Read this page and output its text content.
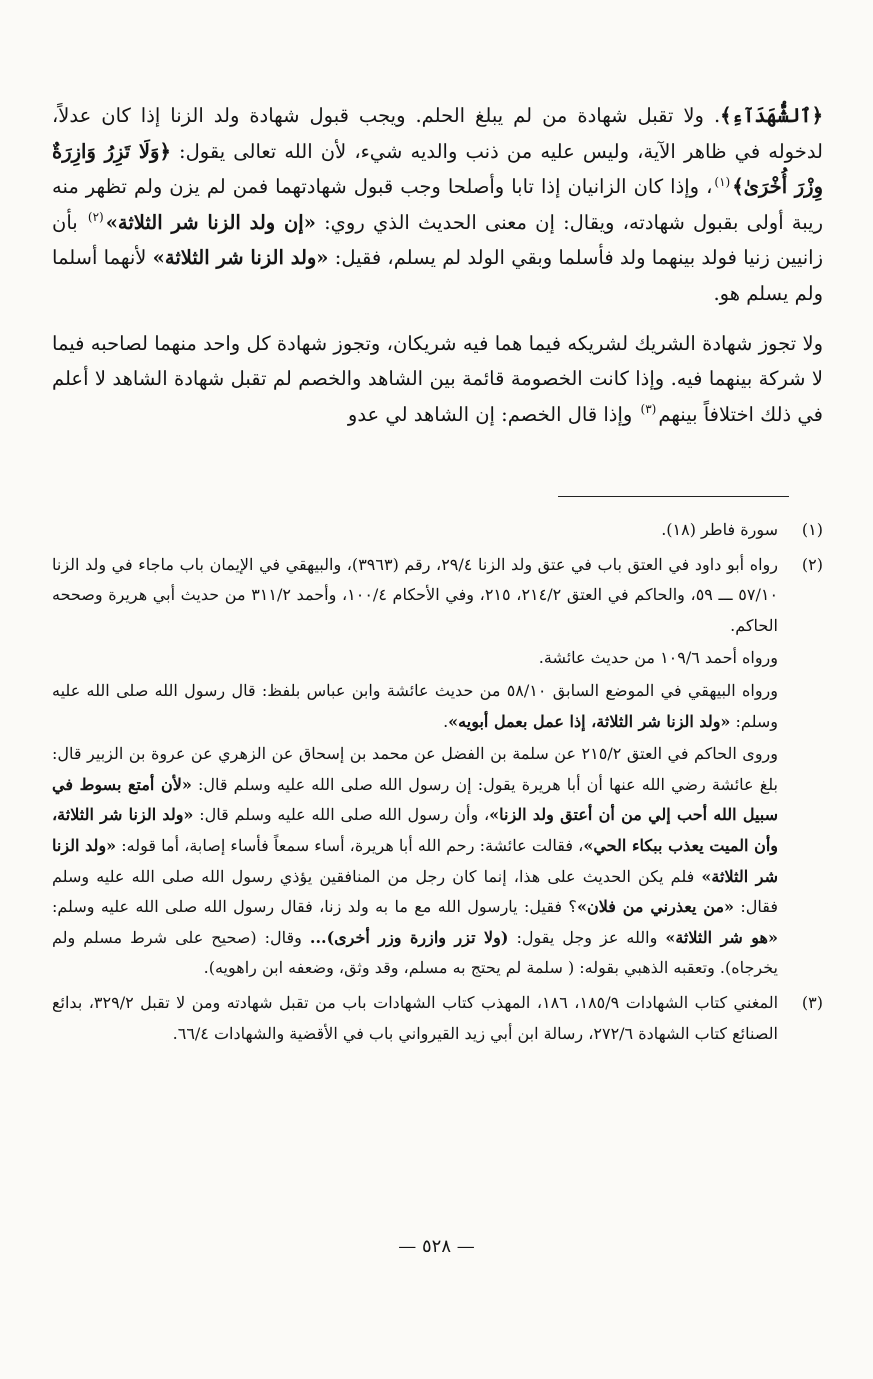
﴿ٱلشُّهَدَآءِ﴾. ولا تقبل شهادة من لم يبلغ الحلم. ويجب قبول شهادة ولد الزنا إذا كان عدلاً، لدخوله في ظاهر الآية، وليس عليه من ذنب والديه شيء، لأن الله تعالى يقول: ﴿وَلَا تَزِرُ وَازِرَةٌ وِزْرَ أُخْرَىٰ﴾$^{(١)}$، وإذا كان الزانيان إذا تابا وأصلحا وجب قبول شهادتهما فمن لم يزن ولم تظهر منه ريبة أولى بقبول شهادته، ويقال: إن معنى الحديث الذي روي: «إن ولد الزنا شر الثلاثة»$^{(٢)}$ بأن زانيين زنيا فولد بينهما ولد فأسلما وبقي الولد لم يسلم، فقيل: «ولد الزنا شر الثلاثة» لأنهما أسلما ولم يسلم هو.

ولا تجوز شهادة الشريك لشريكه فيما هما فيه شريكان، وتجوز شهادة كل واحد منهما لصاحبه فيما لا شركة بينهما فيه. وإذا كانت الخصومة قائمة بين الشاهد والخصم لم تقبل شهادة الشاهد لا أعلم في ذلك اختلافاً بينهم$^{(٣)}$ وإذا قال الخصم: إن الشاهد لي عدو

(١)

سورة فاطر (١٨).

(٢)

رواه أبو داود في العتق باب في عتق ولد الزنا ٢٩/٤، رقم (٣٩٦٣)، والبيهقي في الإيمان باب ماجاء في ولد الزنا ٥٧/١٠ ـــ ٥٩، والحاكم في العتق ٢١٤/٢، ٢١٥، وفي الأحكام ١٠٠/٤، وأحمد ٣١١/٢ من حديث أبي هريرة وصححه الحاكم.

ورواه أحمد ١٠٩/٦ من حديث عائشة.

ورواه البيهقي في الموضع السابق ٥٨/١٠ من حديث عائشة وابن عباس بلفظ: قال رسول الله صلى الله عليه وسلم: «ولد الزنا شر الثلاثة، إذا عمل بعمل أبويه».

وروى الحاكم في العتق ٢١٥/٢ عن سلمة بن الفضل عن محمد بن إسحاق عن الزهري عن عروة بن الزبير قال: بلغ عائشة رضي الله عنها أن أبا هريرة يقول: إن رسول الله صلى الله عليه وسلم قال: «لأن أمتع بسوط في سبيل الله أحب إلي من أن أعتق ولد الزنا»، وأن رسول الله صلى الله عليه وسلم قال: «ولد الزنا شر الثلاثة، وأن الميت يعذب ببكاء الحي»، فقالت عائشة: رحم الله أبا هريرة، أساء سمعاً فأساء إصابة، أما قوله: «ولد الزنا شر الثلاثة» فلم يكن الحديث على هذا، إنما كان رجل من المنافقين يؤذي رسول الله صلى الله عليه وسلم فقال: «من يعذرني من فلان»؟ فقيل: يارسول الله مع ما به ولد زنا، فقال رسول الله صلى الله عليه وسلم: «هو شر الثلاثة» والله عز وجل يقول: (ولا تزر وازرة وزر أخرى)... وقال: (صحيح على شرط مسلم ولم يخرجاه). وتعقبه الذهبي بقوله: ( سلمة لم يحتج به مسلم، وقد وثق، وضعفه ابن راهويه).

(٣)

المغني كتاب الشهادات ١٨٥/٩، ١٨٦، المهذب كتاب الشهادات باب من تقبل شهادته ومن لا تقبل ٣٢٩/٢، بدائع الصنائع كتاب الشهادة ٢٧٢/٦، رسالة ابن أبي زيد القيرواني باب في الأقضية والشهادات ٦٦/٤.

— ٥٢٨ —
